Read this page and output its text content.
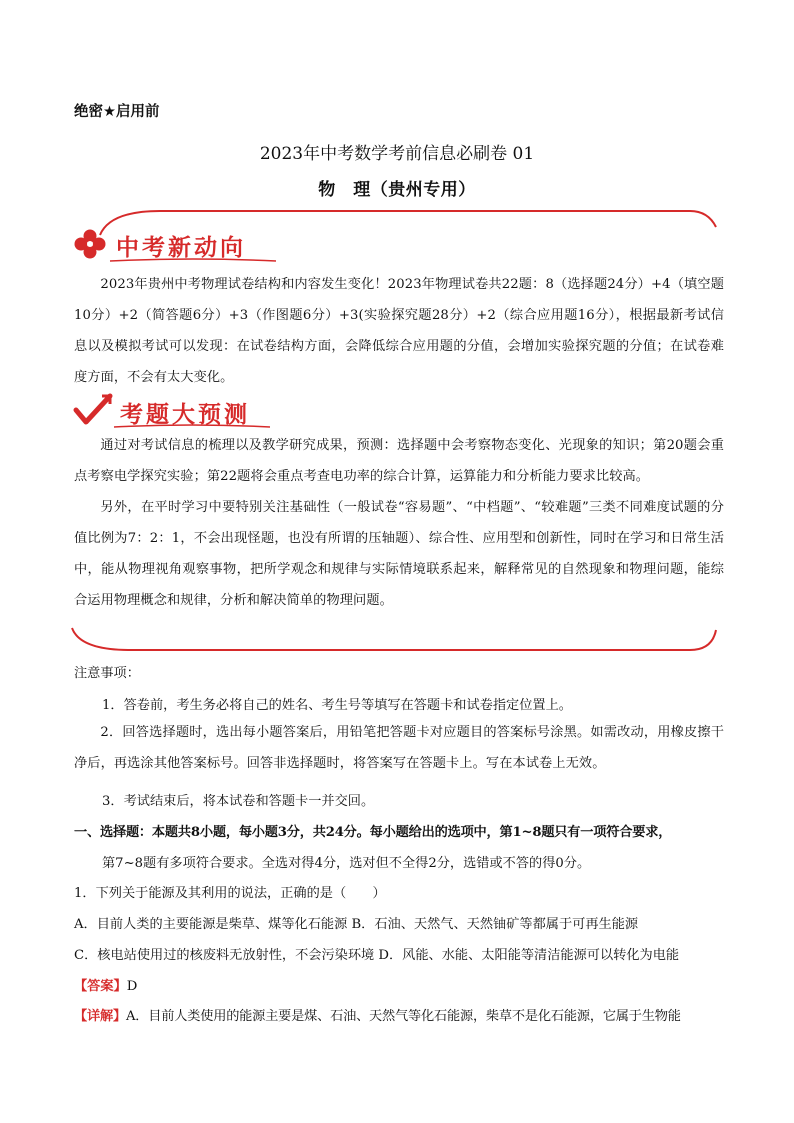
绝密★启用前
2023年中考数学考前信息必刷卷 01
物　理（贵州专用）
中考新动向
2023年贵州中考物理试卷结构和内容发生变化！2023年物理试卷共22题：8（选择题24分）+4（填空题10分）+2（简答题6分）+3（作图题6分）+3(实验探究题28分）+2（综合应用题16分），根据最新考试信息以及模拟考试可以发现：在试卷结构方面，会降低综合应用题的分值，会增加实验探究题的分值；在试卷难度方面，不会有太大变化。
考题大预测
通过对考试信息的梳理以及教学研究成果，预测：选择题中会考察物态变化、光现象的知识；第20题会重点考察电学探究实验；第22题将会重点考查电功率的综合计算，运算能力和分析能力要求比较高。
另外，在平时学习中要特别关注基础性（一般试卷“容易题”、“中档题”、“较难题”三类不同难度试题的分值比例为7：2：1，不会出现怪题，也没有所谓的压轴题）、综合性、应用型和创新性，同时在学习和日常生活中，能从物理视角观察事物，把所学观念和规律与实际情境联系起来，解释常见的自然现象和物理问题，能综合运用物理概念和规律，分析和解决简单的物理问题。
注意事项：
1．答卷前，考生务必将自己的姓名、考生号等填写在答题卡和试卷指定位置上。
2．回答选择题时，选出每小题答案后，用铅笔把答题卡对应题目的答案标号涂黑。如需改动，用橡皮擦干净后，再选涂其他答案标号。回答非选择题时，将答案写在答题卡上。写在本试卷上无效。
3．考试结束后，将本试卷和答题卡一并交回。
一、选择题：本题共8小题，每小题3分，共24分。每小题给出的选项中，第1~8题只有一项符合要求，
第7~8题有多项符合要求。全选对得4分，选对但不全得2分，选错或不答的得0分。
1．下列关于能源及其利用的说法，正确的是（　　）
A．目前人类的主要能源是柴草、煤等化石能源 B．石油、天然气、天然铀矿等都属于可再生能源
C．核电站使用过的核废料无放射性，不会污染环境 D．风能、水能、太阳能等清洁能源可以转化为电能
【答案】D
【详解】A．目前人类使用的能源主要是煤、石油、天然气等化石能源，柴草不是化石能源，它属于生物能
